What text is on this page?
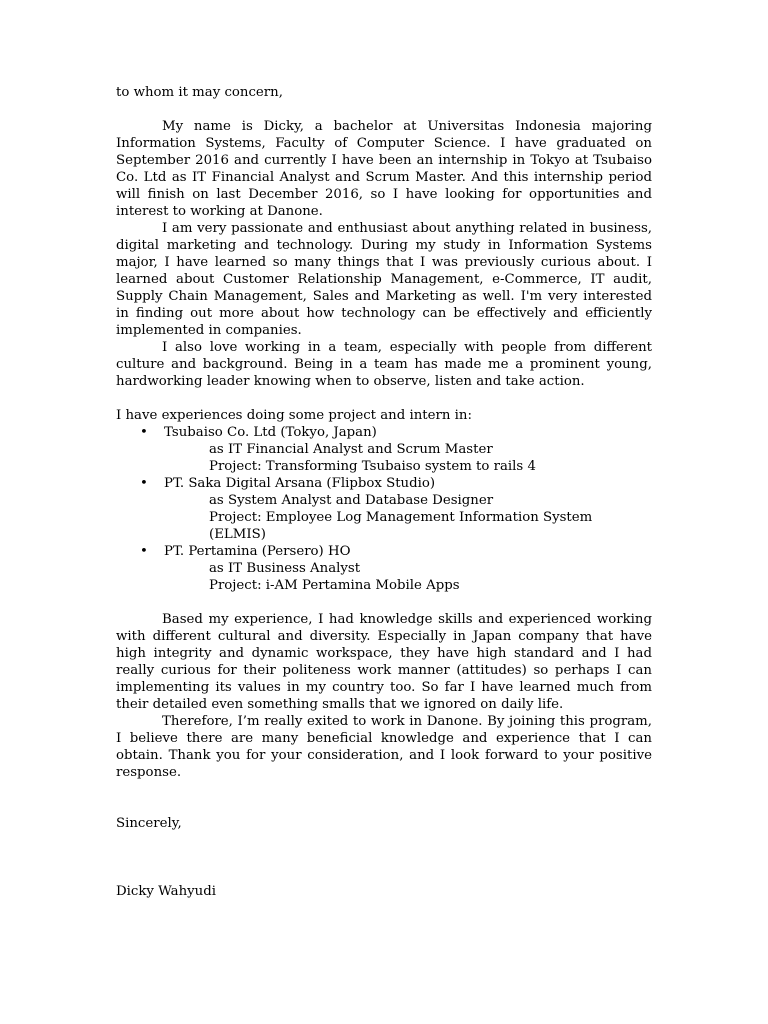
to whom it may concern,

My name is Dicky, a bachelor at Universitas Indonesia majoring Information Systems, Faculty of Computer Science. I have graduated on September 2016 and currently I have been an internship in Tokyo at Tsubaiso Co. Ltd as IT Financial Analyst and Scrum Master. And this internship period will finish on last December 2016, so I have looking for opportunities and interest to working at Danone.

I am very passionate and enthusiast about anything related in business, digital marketing and technology. During my study in Information Systems major, I have learned so many things that I was previously curious about. I learned about Customer Relationship Management, e-Commerce, IT audit, Supply Chain Management, Sales and Marketing as well. I'm very interested in finding out more about how technology can be effectively and efficiently implemented in companies.

I also love working in a team, especially with people from different culture and background. Being in a team has made me a prominent young, hardworking leader knowing when to observe, listen and take action.

I have experiences doing some project and intern in:

• Tsubaiso Co. Ltd (Tokyo, Japan)

as IT Financial Analyst and Scrum Master

Project: Transforming Tsubaiso system to rails 4

• PT. Saka Digital Arsana (Flipbox Studio)

as System Analyst and Database Designer

Project: Employee Log Management Information System (ELMIS)

• PT. Pertamina (Persero) HO

as IT Business Analyst

Project: i-AM Pertamina Mobile Apps

Based my experience, I had knowledge skills and experienced working with different cultural and diversity. Especially in Japan company that have high integrity and dynamic workspace, they have high standard and I had really curious for their politeness work manner (attitudes) so perhaps I can implementing its values in my country too. So far I have learned much from their detailed even something smalls that we ignored on daily life.

Therefore, I’m really exited to work in Danone. By joining this program, I believe there are many beneficial knowledge and experience that I can obtain. Thank you for your consideration, and I look forward to your positive response.

Sincerely,

Dicky Wahyudi
